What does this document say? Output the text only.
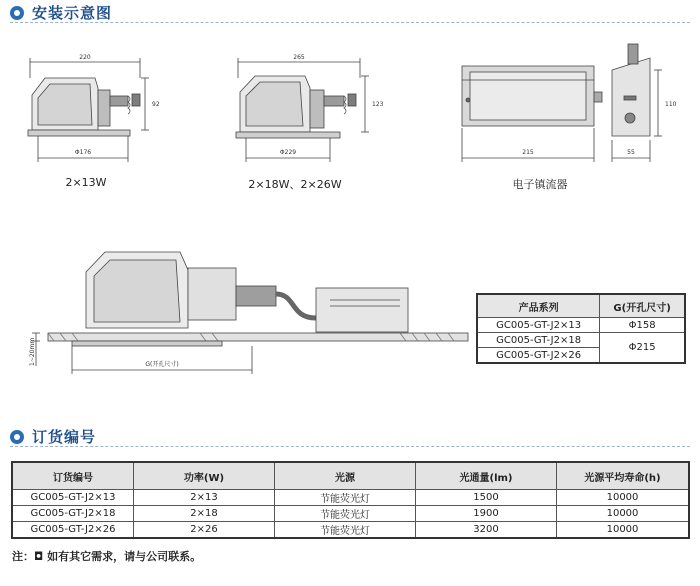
安装示意图
220
92
Φ176
265
123
Φ229	215
110
55
1~20mm	G(开孔尺寸)
2×13W	2×18W、2×26W	电子镇流器
产品系列	G(开孔尺寸)
GC005-GT-J2×13	Φ158
GC005-GT-J2×18	Φ215
GC005-GT-J2×26	
订货编号
订货编号	功率(W)	光源	光通量(lm)	光源平均寿命(h)
GC005-GT-J2×13	2×13	节能荧光灯	1500	10000
GC005-GT-J2×18	2×18	节能荧光灯	1900	10000
GC005-GT-J2×26	2×26	节能荧光灯	3200	10000
注：◘ 如有其它需求，请与公司联系。
